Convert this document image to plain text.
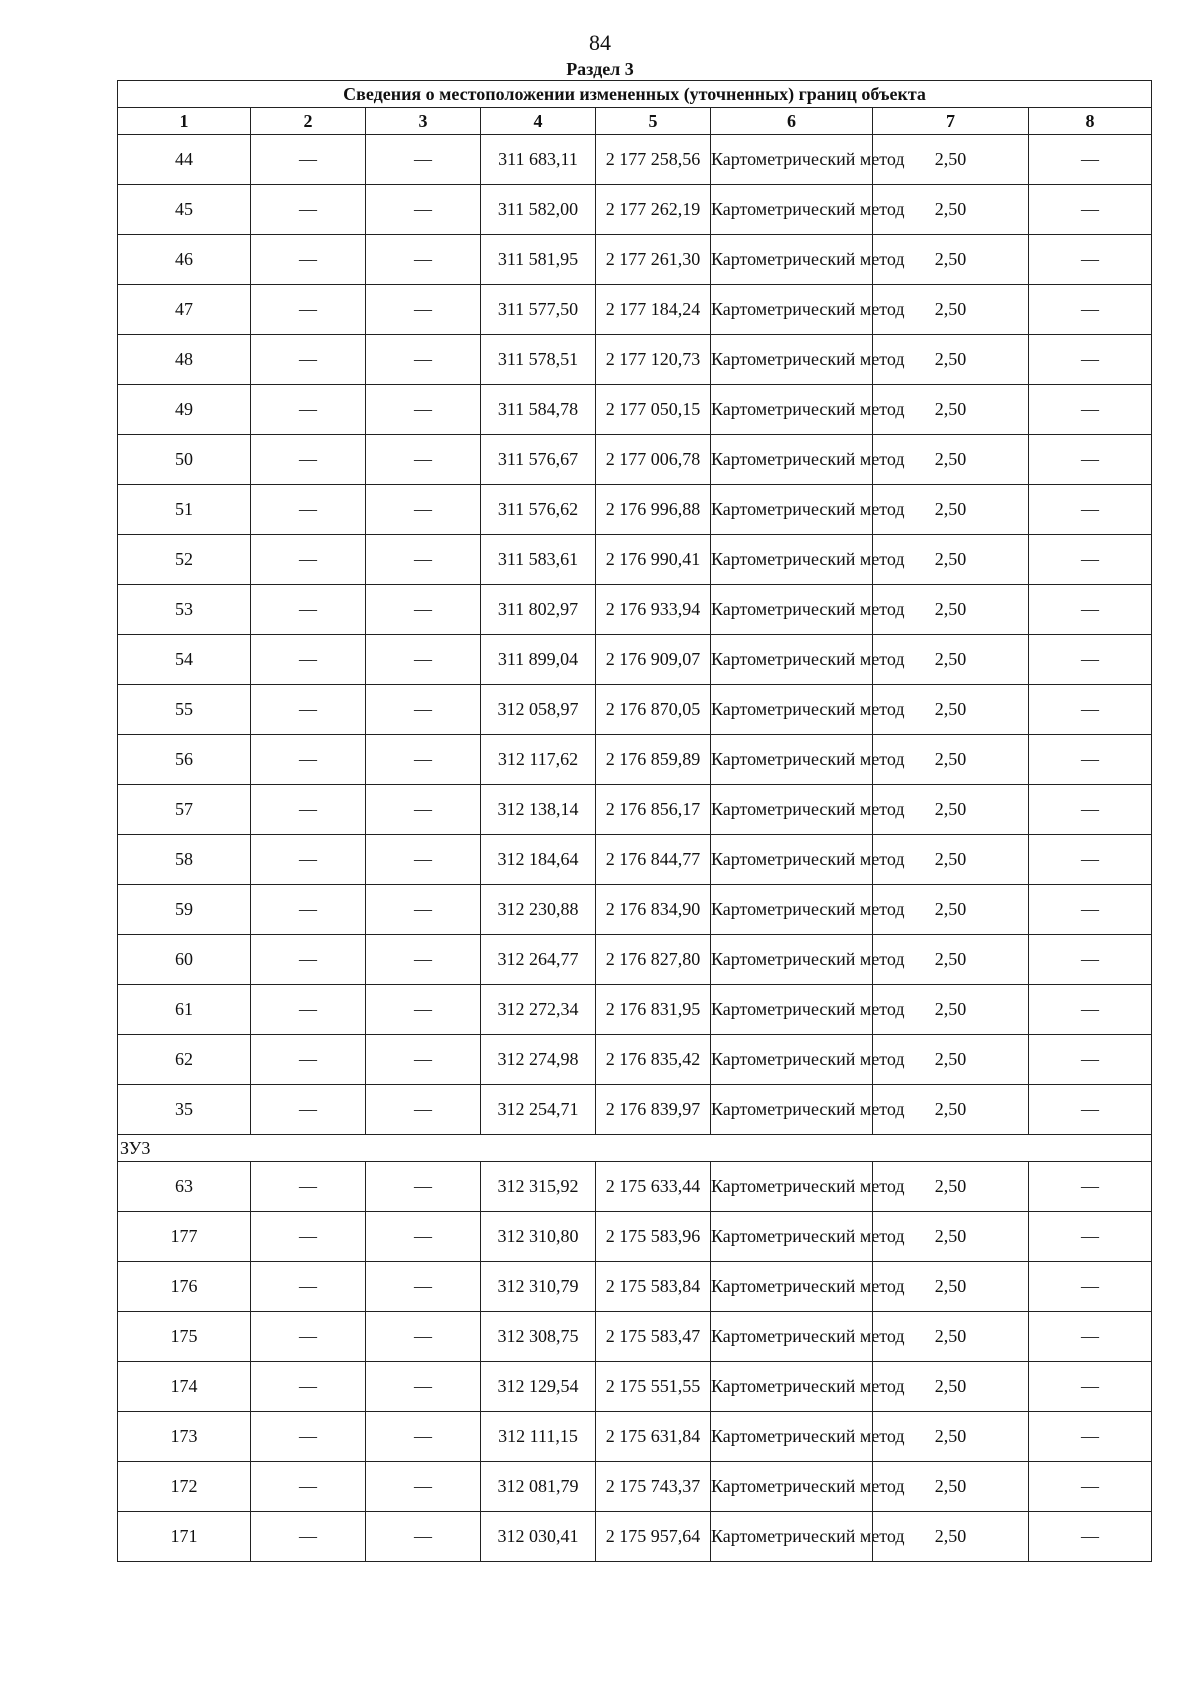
84
Раздел 3
Сведения о местоположении измененных (уточненных) границ объекта							
1	2	3	4	5	6	7	8
44	—	—	311 683,11	2 177 258,56	Картометрический метод	2,50	—
45	—	—	311 582,00	2 177 262,19	Картометрический метод	2,50	—
46	—	—	311 581,95	2 177 261,30	Картометрический метод	2,50	—
47	—	—	311 577,50	2 177 184,24	Картометрический метод	2,50	—
48	—	—	311 578,51	2 177 120,73	Картометрический метод	2,50	—
49	—	—	311 584,78	2 177 050,15	Картометрический метод	2,50	—
50	—	—	311 576,67	2 177 006,78	Картометрический метод	2,50	—
51	—	—	311 576,62	2 176 996,88	Картометрический метод	2,50	—
52	—	—	311 583,61	2 176 990,41	Картометрический метод	2,50	—
53	—	—	311 802,97	2 176 933,94	Картометрический метод	2,50	—
54	—	—	311 899,04	2 176 909,07	Картометрический метод	2,50	—
55	—	—	312 058,97	2 176 870,05	Картометрический метод	2,50	—
56	—	—	312 117,62	2 176 859,89	Картометрический метод	2,50	—
57	—	—	312 138,14	2 176 856,17	Картометрический метод	2,50	—
58	—	—	312 184,64	2 176 844,77	Картометрический метод	2,50	—
59	—	—	312 230,88	2 176 834,90	Картометрический метод	2,50	—
60	—	—	312 264,77	2 176 827,80	Картометрический метод	2,50	—
61	—	—	312 272,34	2 176 831,95	Картометрический метод	2,50	—
62	—	—	312 274,98	2 176 835,42	Картометрический метод	2,50	—
35	—	—	312 254,71	2 176 839,97	Картометрический метод	2,50	—
ЗУ3							
63	—	—	312 315,92	2 175 633,44	Картометрический метод	2,50	—
177	—	—	312 310,80	2 175 583,96	Картометрический метод	2,50	—
176	—	—	312 310,79	2 175 583,84	Картометрический метод	2,50	—
175	—	—	312 308,75	2 175 583,47	Картометрический метод	2,50	—
174	—	—	312 129,54	2 175 551,55	Картометрический метод	2,50	—
173	—	—	312 111,15	2 175 631,84	Картометрический метод	2,50	—
172	—	—	312 081,79	2 175 743,37	Картометрический метод	2,50	—
171	—	—	312 030,41	2 175 957,64	Картометрический метод	2,50	—
